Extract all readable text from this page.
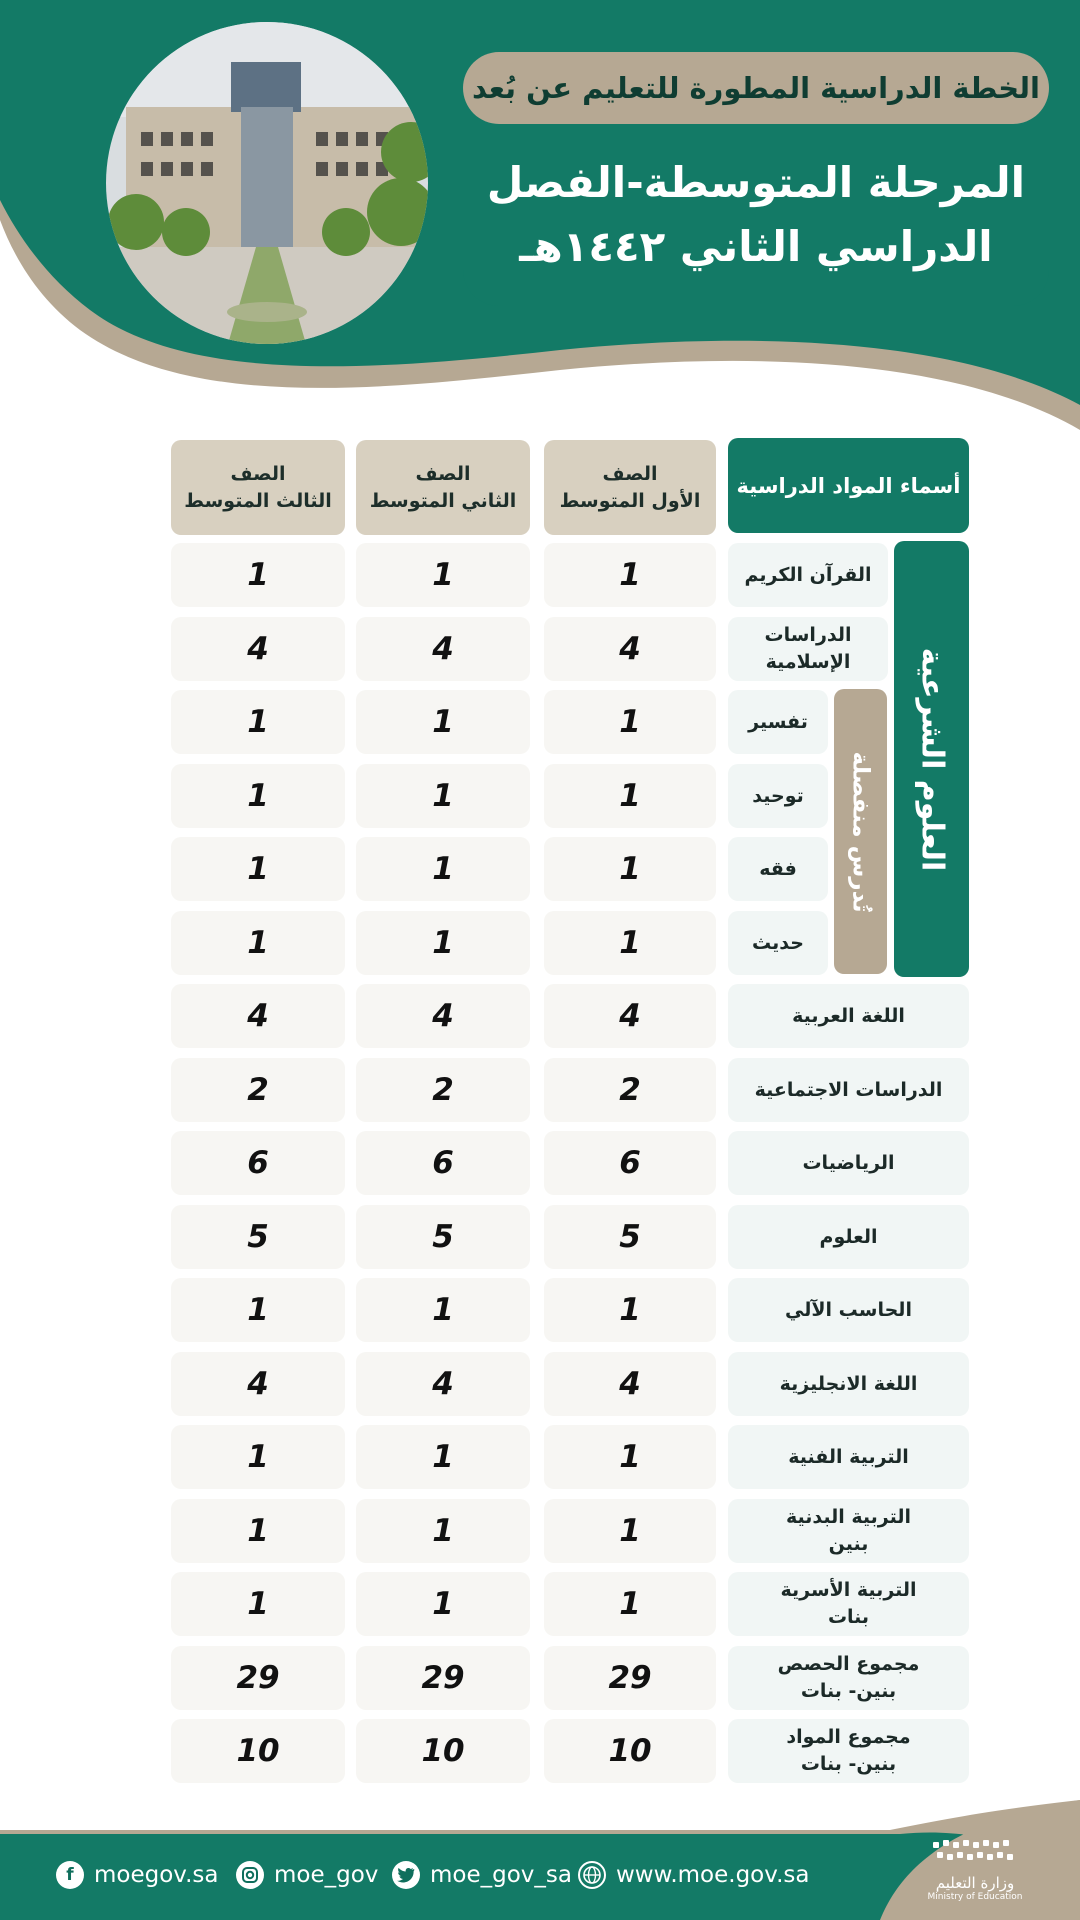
الخطة الدراسية المطورة للتعليم عن بُعد
المرحلة المتوسطة-الفصل
الدراسي الثاني ١٤٤٢هـ
أسماء المواد الدراسية
الصف
الأول المتوسط
الصف
الثاني المتوسط
الصف
الثالث المتوسط
العلوم الشرعية
تُدرس منفصلة
القرآن الكريم
1
1
1
الدراسات
الإسلامية
4
4
4
تفسير
1
1
1
توحيد
1
1
1
فقه
1
1
1
حديث
1
1
1
اللغة العربية
4
4
4
الدراسات الاجتماعية
2
2
2
الرياضيات
6
6
6
العلوم
5
5
5
الحاسب الآلي
1
1
1
اللغة الانجليزية
4
4
4
التربية الفنية
1
1
1
التربية البدنية
بنين
1
1
1
التربية الأسرية
بنات
1
1
1
مجموع الحصص
بنين- بنات
29
29
29
مجموع المواد
بنين- بنات
10
10
10
f moegov.sa moe_gov moe_gov_sa www.moe.gov.sa	وزارة التعليم
Ministry of Education
